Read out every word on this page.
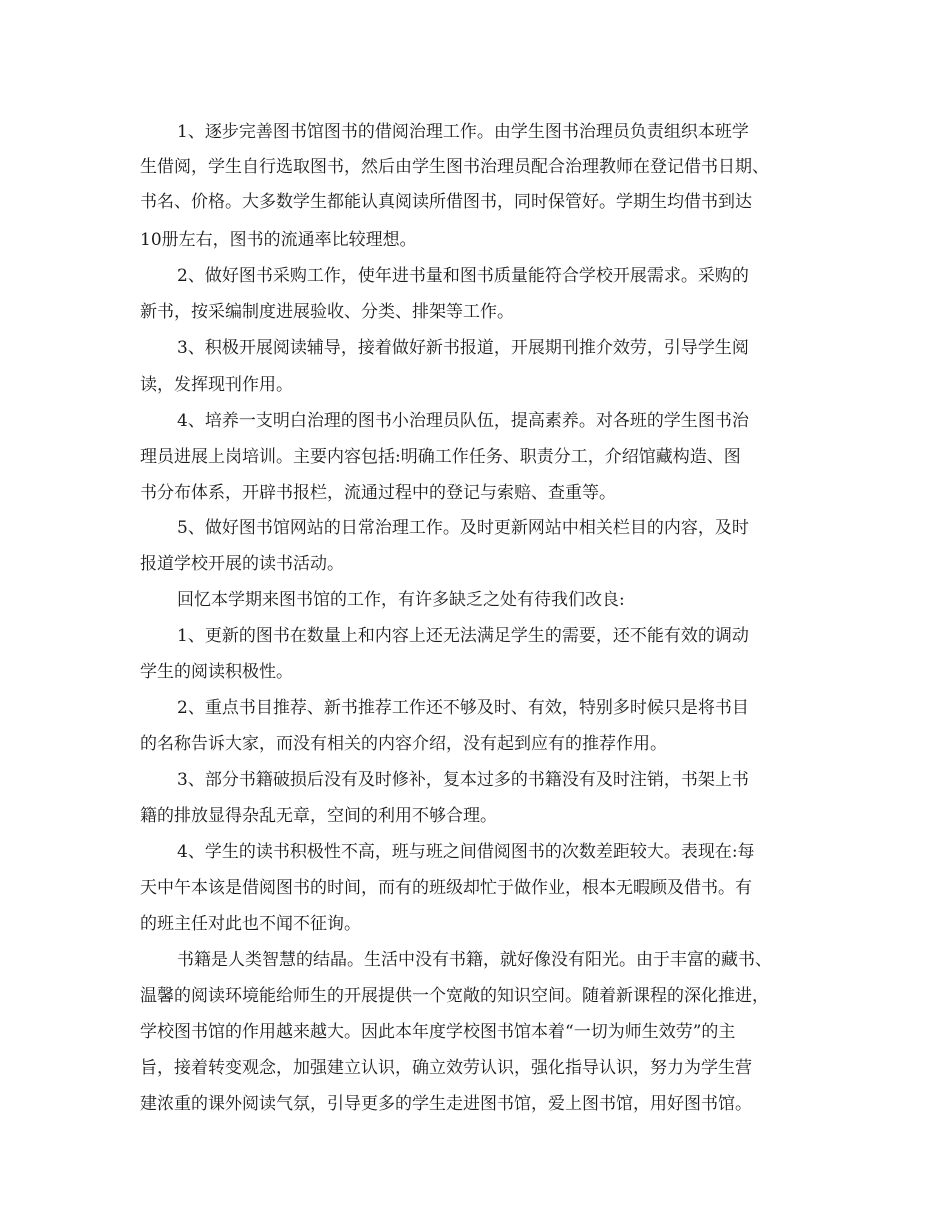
1、逐步完善图书馆图书的借阅治理工作。由学生图书治理员负责组织本班学
生借阅，学生自行选取图书，然后由学生图书治理员配合治理教师在登记借书日期、
书名、价格。大多数学生都能认真阅读所借图书，同时保管好。学期生均借书到达
10册左右，图书的流通率比较理想。
2、做好图书采购工作，使年进书量和图书质量能符合学校开展需求。采购的
新书，按采编制度进展验收、分类、排架等工作。
3、积极开展阅读辅导，接着做好新书报道，开展期刊推介效劳，引导学生阅
读，发挥现刊作用。
4、培养一支明白治理的图书小治理员队伍，提高素养。对各班的学生图书治
理员进展上岗培训。主要内容包括:明确工作任务、职责分工，介绍馆藏构造、图
书分布体系，开辟书报栏，流通过程中的登记与索赔、查重等。
5、做好图书馆网站的日常治理工作。及时更新网站中相关栏目的内容，及时
报道学校开展的读书活动。
回忆本学期来图书馆的工作，有许多缺乏之处有待我们改良:
1、更新的图书在数量上和内容上还无法满足学生的需要，还不能有效的调动
学生的阅读积极性。
2、重点书目推荐、新书推荐工作还不够及时、有效，特别多时候只是将书目
的名称告诉大家，而没有相关的内容介绍，没有起到应有的推荐作用。
3、部分书籍破损后没有及时修补，复本过多的书籍没有及时注销，书架上书
籍的排放显得杂乱无章，空间的利用不够合理。
4、学生的读书积极性不高，班与班之间借阅图书的次数差距较大。表现在:每
天中午本该是借阅图书的时间，而有的班级却忙于做作业，根本无暇顾及借书。有
的班主任对此也不闻不征询。
书籍是人类智慧的结晶。生活中没有书籍，就好像没有阳光。由于丰富的藏书、
温馨的阅读环境能给师生的开展提供一个宽敞的知识空间。随着新课程的深化推进，
学校图书馆的作用越来越大。因此本年度学校图书馆本着“一切为师生效劳”的主
旨，接着转变观念，加强建立认识，确立效劳认识，强化指导认识，努力为学生营
建浓重的课外阅读气氛，引导更多的学生走进图书馆，爱上图书馆，用好图书馆。
